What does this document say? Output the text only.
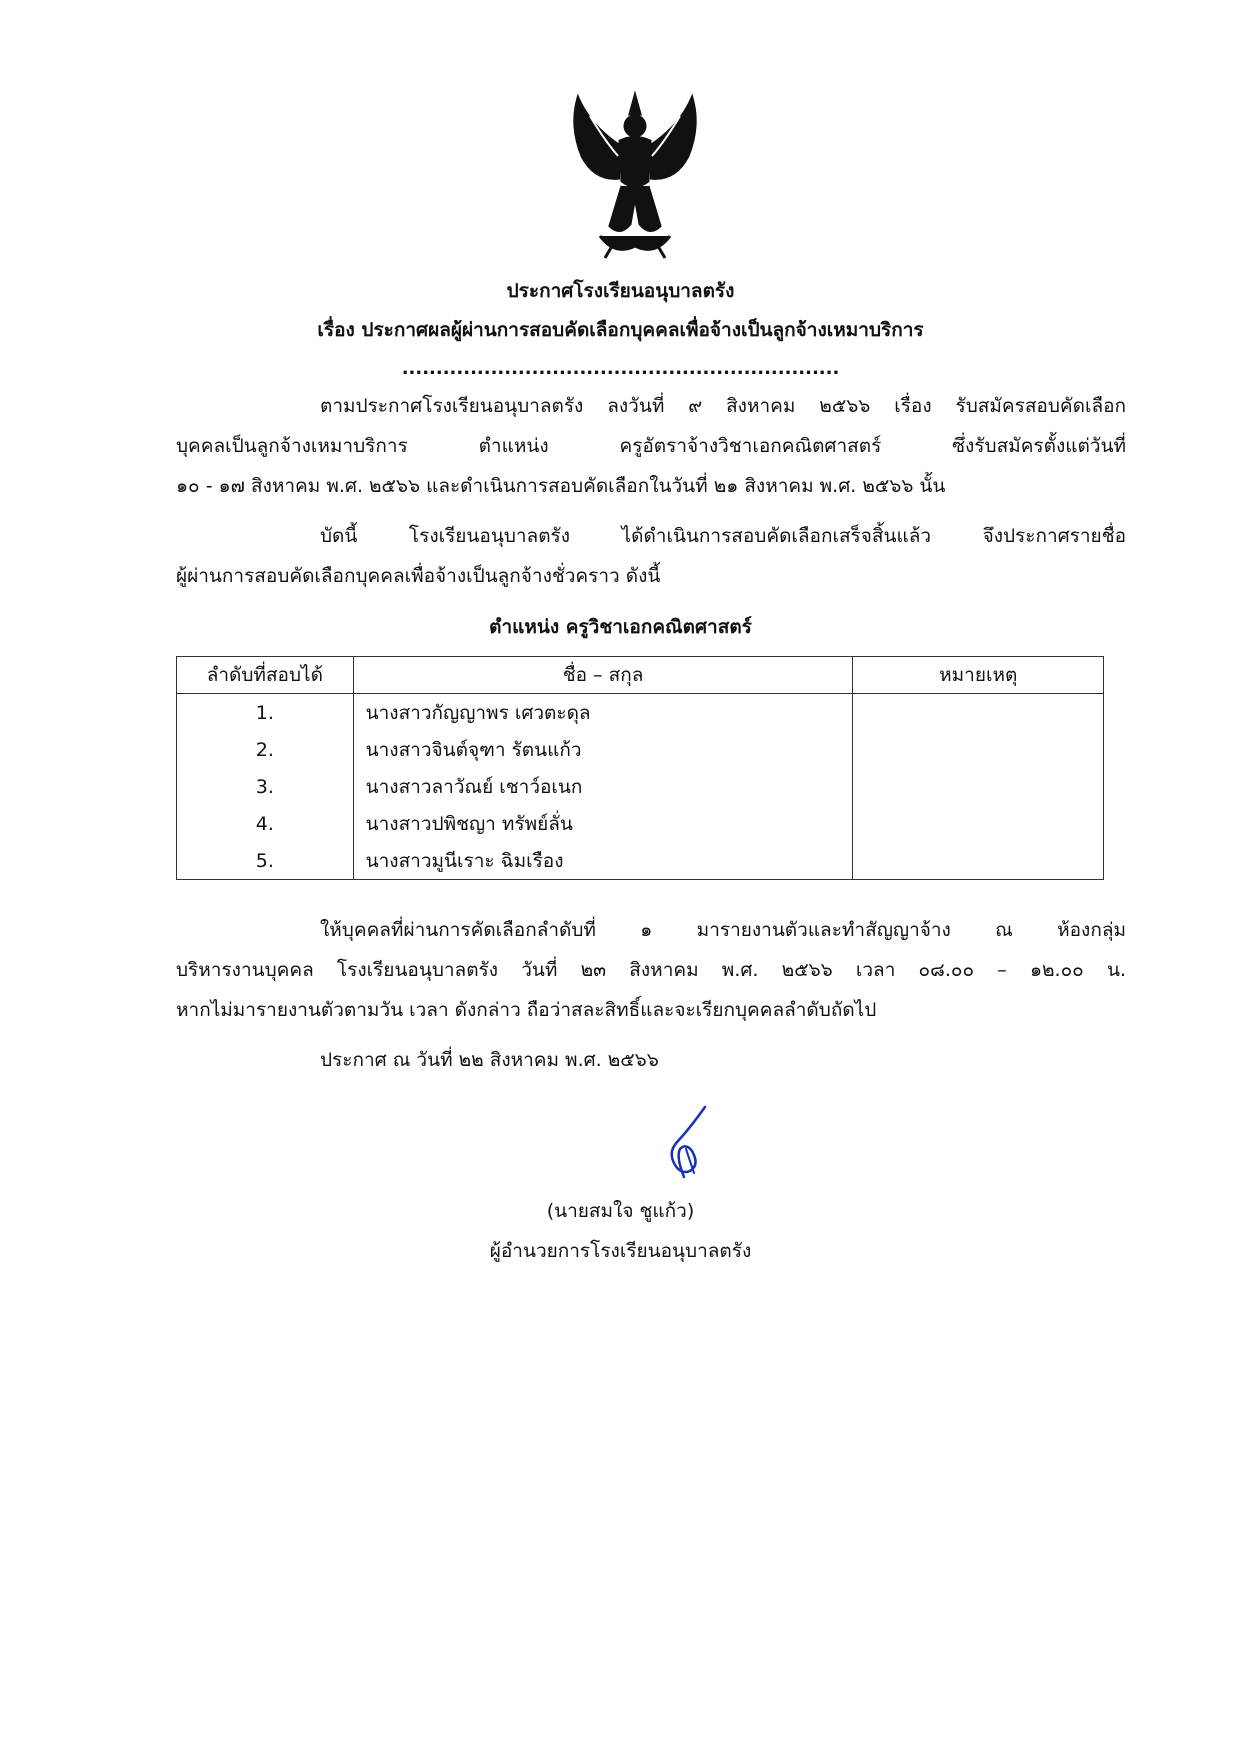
ประกาศโรงเรียนอนุบาลตรัง
เรื่อง ประกาศผลผู้ผ่านการสอบคัดเลือกบุคคลเพื่อจ้างเป็นลูกจ้างเหมาบริการ
................................................................
ตามประกาศโรงเรียนอนุบาลตรัง ลงวันที่ ๙ สิงหาคม ๒๕๖๖ เรื่อง รับสมัครสอบคัดเลือก
บุคคลเป็นลูกจ้างเหมาบริการ ตำแหน่ง ครูอัตราจ้างวิชาเอกคณิตศาสตร์ ซึ่งรับสมัครตั้งแต่วันที่
๑๐ - ๑๗ สิงหาคม พ.ศ. ๒๕๖๖ และดำเนินการสอบคัดเลือกในวันที่ ๒๑ สิงหาคม พ.ศ. ๒๕๖๖ นั้น
บัดนี้ โรงเรียนอนุบาลตรัง ได้ดำเนินการสอบคัดเลือกเสร็จสิ้นแล้ว จึงประกาศรายชื่อ
ผู้ผ่านการสอบคัดเลือกบุคคลเพื่อจ้างเป็นลูกจ้างชั่วคราว ดังนี้
ตำแหน่ง ครูวิชาเอกคณิตศาสตร์
ลำดับที่สอบได้	ชื่อ – สกุล	หมายเหตุ
1.	นางสาวกัญญาพร เศวตะดุล	
2.	นางสาวจินต์จุฑา รัตนแก้ว	
3.	นางสาวลาวัณย์ เชาว์อเนก	
4.	นางสาวปพิชญา ทรัพย์ลั่น	
5.	นางสาวมูนีเราะ ฉิมเรือง	
ให้บุคคลที่ผ่านการคัดเลือกลำดับที่ ๑ มารายงานตัวและทำสัญญาจ้าง ณ ห้องกลุ่ม
บริหารงานบุคคล โรงเรียนอนุบาลตรัง วันที่ ๒๓ สิงหาคม พ.ศ. ๒๕๖๖ เวลา ๐๘.๐๐ – ๑๒.๐๐ น.
หากไม่มารายงานตัวตามวัน เวลา ดังกล่าว ถือว่าสละสิทธิ์และจะเรียกบุคคลลำดับถัดไป
ประกาศ ณ วันที่ ๒๒ สิงหาคม พ.ศ. ๒๕๖๖
(นายสมใจ ชูแก้ว)
ผู้อำนวยการโรงเรียนอนุบาลตรัง
